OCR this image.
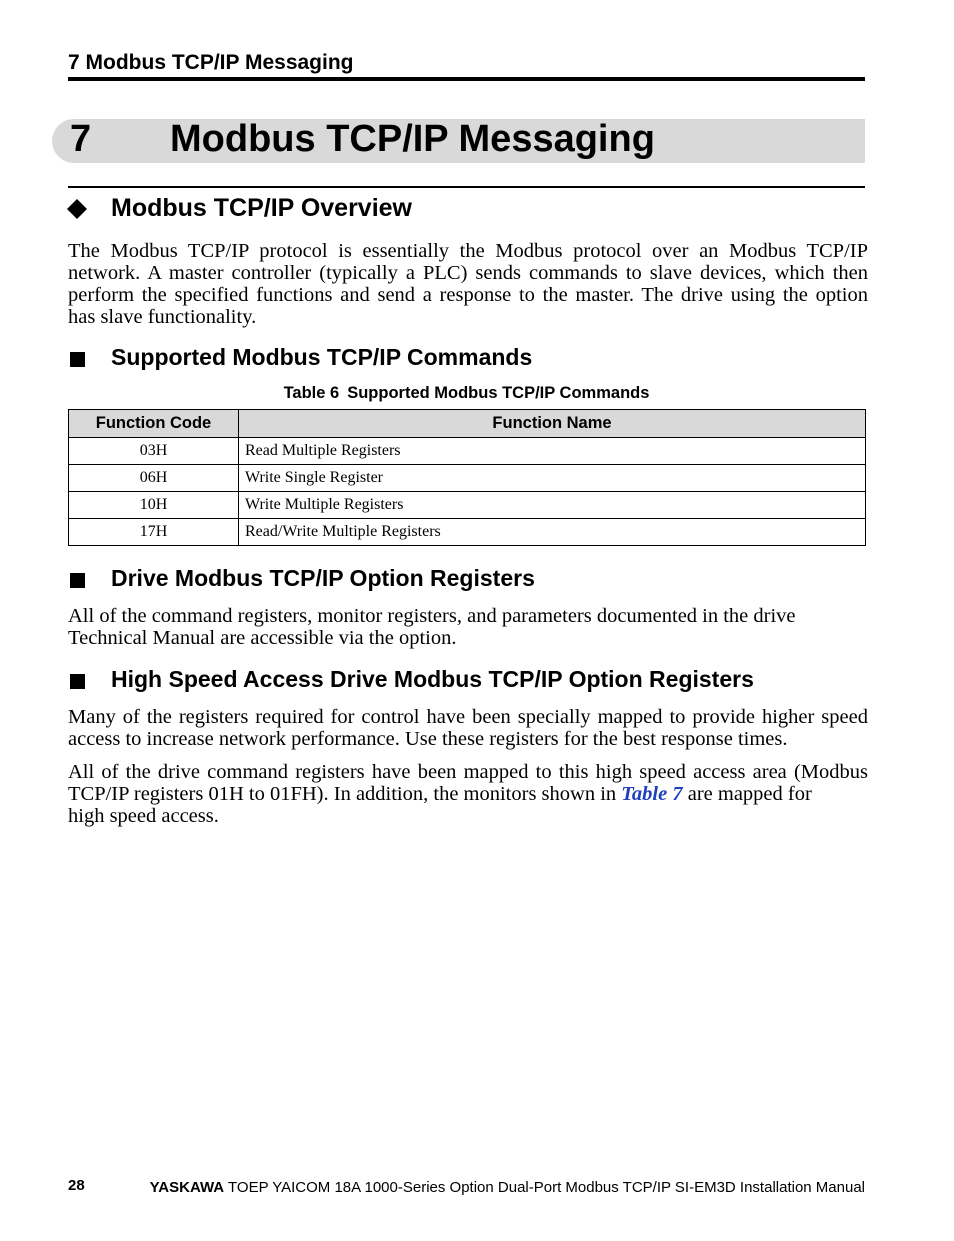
7 Modbus TCP/IP Messaging
7 Modbus TCP/IP Messaging
Modbus TCP/IP Overview
The Modbus TCP/IP protocol is essentially the Modbus protocol over an Modbus TCP/IP
network. A master controller (typically a PLC) sends commands to slave devices, which then
perform the specified functions and send a response to the master. The drive using the option
has slave functionality.
Supported Modbus TCP/IP Commands
Table 6 Supported Modbus TCP/IP Commands
Function Code	Function Name
03H	Read Multiple Registers
06H	Write Single Register
10H	Write Multiple Registers
17H	Read/Write Multiple Registers
Drive Modbus TCP/IP Option Registers
All of the command registers, monitor registers, and parameters documented in the drive
Technical Manual are accessible via the option.
High Speed Access Drive Modbus TCP/IP Option Registers
Many of the registers required for control have been specially mapped to provide higher speed
access to increase network performance. Use these registers for the best response times.
All of the drive command registers have been mapped to this high speed access area (Modbus
TCP/IP registers 01H to 01FH). In addition, the monitors shown in Table 7 are mapped for
high speed access.
28	YASKAWA TOEP YAICOM 18A 1000-Series Option Dual-Port Modbus TCP/IP SI-EM3D Installation Manual
